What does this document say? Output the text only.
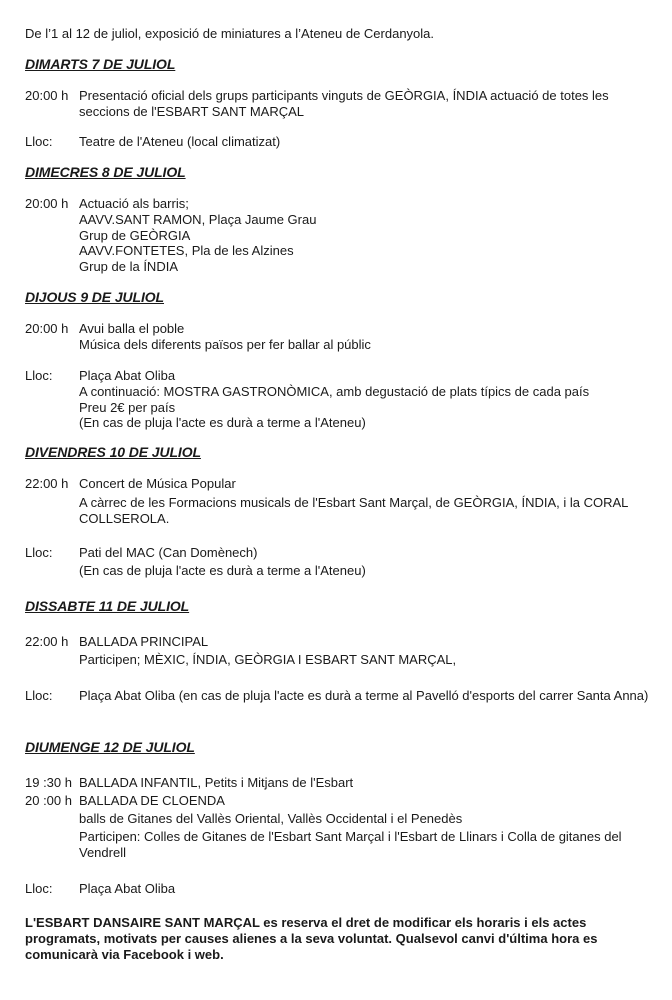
De l’1 al 12 de juliol, exposició de miniatures a l’Ateneu de Cerdanyola.
DIMARTS 7 DE JULIOL
20:00 h Presentació oficial dels grups participants vinguts de GEÒRGIA, ÍNDIA actuació de totes les seccions de l'ESBART SANT MARÇAL
Lloc: Teatre de l'Ateneu (local climatizat)
DIMECRES 8 DE JULIOL
20:00 h Actuació als barris;
AAVV.SANT RAMON, Plaça Jaume Grau
Grup de GEÒRGIA
AAVV.FONTETES, Pla de les Alzines
Grup de la ÍNDIA
DIJOUS 9 DE JULIOL
20:00 h Avui balla el poble
Música dels diferents països per fer ballar al públic
Lloc: Plaça Abat Oliba
A continuació: MOSTRA GASTRONÒMICA, amb degustació de plats típics de cada país
Preu 2€ per país
(En cas de pluja l'acte es durà a terme a l'Ateneu)
DIVENDRES 10 DE JULIOL
22:00 h Concert de Música Popular
A càrrec de les Formacions musicals de l'Esbart Sant Marçal, de GEÒRGIA, ÍNDIA, i la CORAL COLLSEROLA.
Lloc: Pati del MAC (Can Domènech)
(En cas de pluja l'acte es durà a terme a l'Ateneu)
DISSABTE 11 DE JULIOL
22:00 h BALLADA PRINCIPAL
Participen; MÈXIC, ÍNDIA, GEÒRGIA I ESBART SANT MARÇAL,
Lloc: Plaça Abat Oliba (en cas de pluja l'acte es durà a terme al Pavelló d'esports del carrer Santa Anna)
DIUMENGE 12 DE JULIOL
19 :30 h BALLADA INFANTIL, Petits i Mitjans de l'Esbart
20 :00 h BALLADA DE CLOENDA
balls de Gitanes del Vallès Oriental, Vallès Occidental i el Penedès
Participen: Colles de Gitanes de l'Esbart Sant Marçal i l'Esbart de Llinars i Colla de gitanes del Vendrell
Lloc: Plaça Abat Oliba
L'ESBART DANSAIRE SANT MARÇAL es reserva el dret de modificar els horaris i els actes programats, motivats per causes alienes a la seva voluntat. Qualsevol canvi d'última hora es comunicarà via Facebook i web.
